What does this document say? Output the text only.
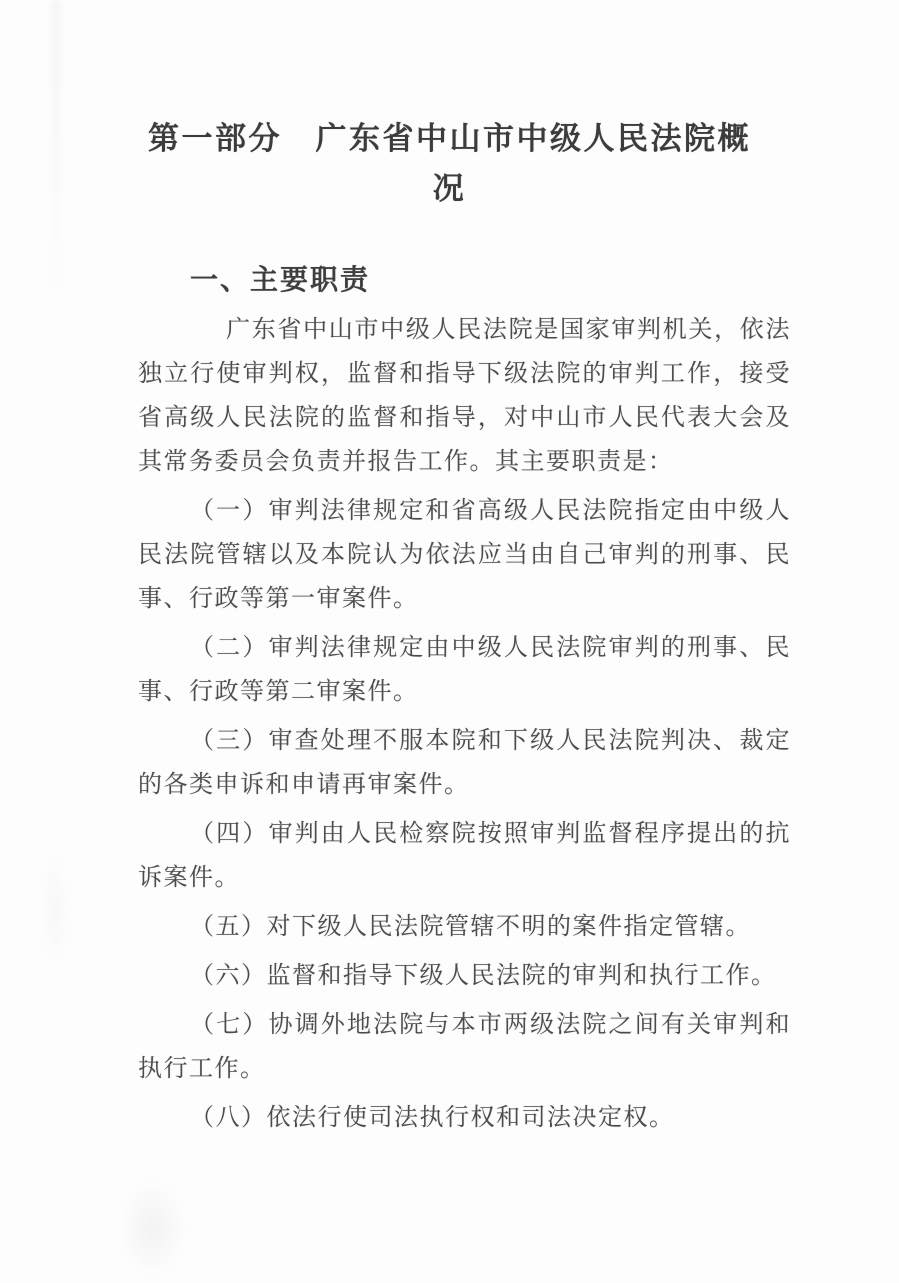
第一部分　广东省中山市中级人民法院概
况
一、主要职责

广东省中山市中级人民法院是国家审判机关，依法独立行使审判权，监督和指导下级法院的审判工作，接受省高级人民法院的监督和指导，对中山市人民代表大会及其常务委员会负责并报告工作。其主要职责是：

（一）审判法律规定和省高级人民法院指定由中级人民法院管辖以及本院认为依法应当由自己审判的刑事、民事、行政等第一审案件。

（二）审判法律规定由中级人民法院审判的刑事、民事、行政等第二审案件。

（三）审查处理不服本院和下级人民法院判决、裁定的各类申诉和申请再审案件。

（四）审判由人民检察院按照审判监督程序提出的抗诉案件。

（五）对下级人民法院管辖不明的案件指定管辖。

（六）监督和指导下级人民法院的审判和执行工作。

（七）协调外地法院与本市两级法院之间有关审判和执行工作。

（八）依法行使司法执行权和司法决定权。
